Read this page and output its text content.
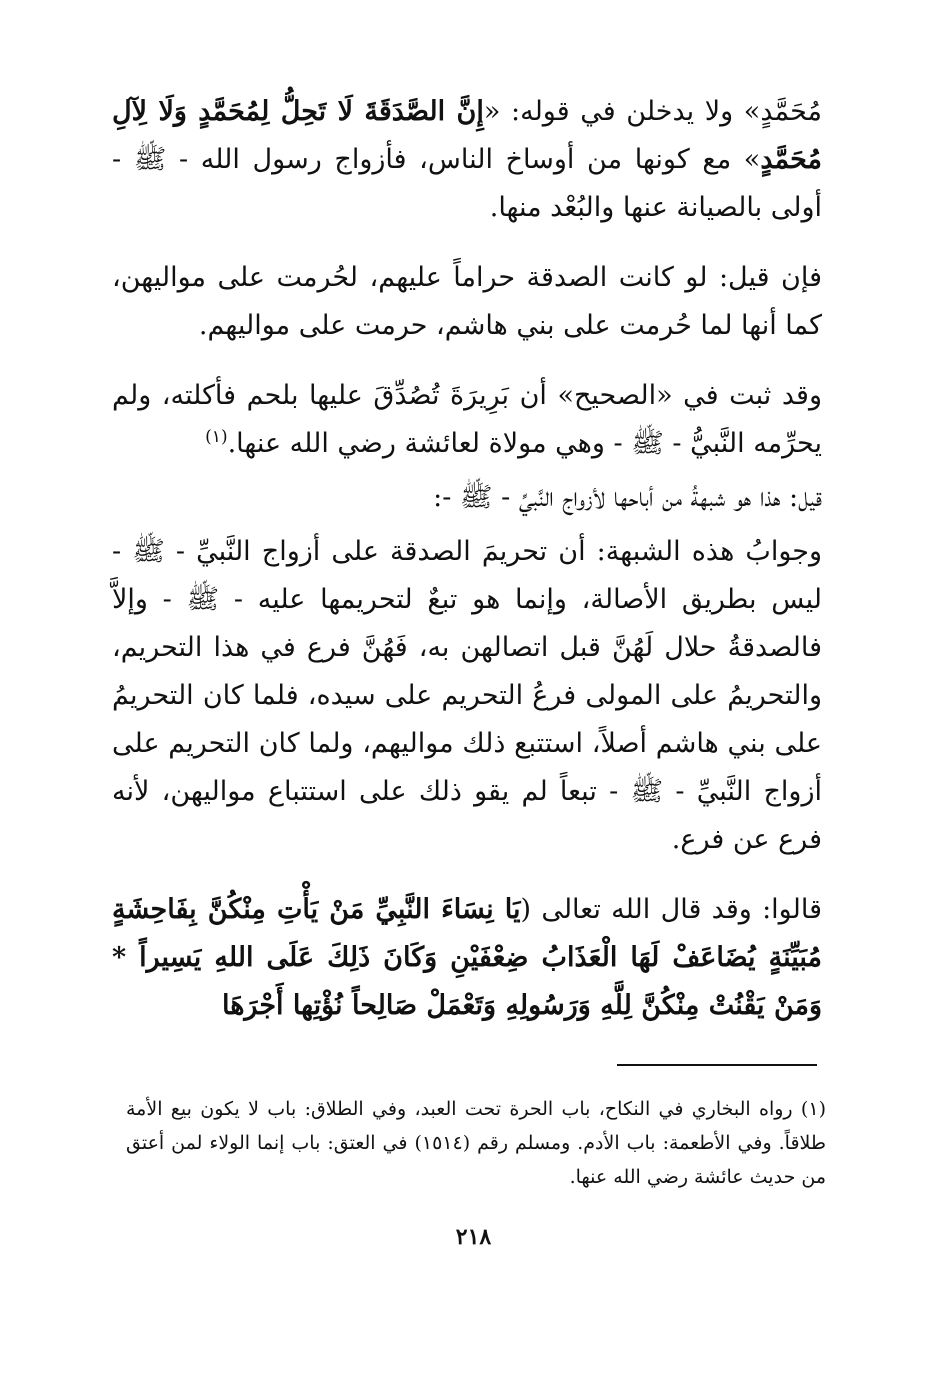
مُحَمَّدٍ» ولا يدخلن في قوله: «إِنَّ الصَّدَقَةَ لَا تَحِلُّ لِمُحَمَّدٍ وَلَا لِآلِ مُحَمَّدٍ» مع كونها من أوساخ الناس، فأزواج رسول الله - ﷺ - أولى بالصيانة عنها والبُعْد منها.

فإن قيل: لو كانت الصدقة حراماً عليهم، لحُرمت على مواليهن، كما أنها لما حُرمت على بني هاشم، حرمت على مواليهم.

وقد ثبت في «الصحيح» أن بَرِيرَةَ تُصُدِّقَ عليها بلحم فأكلته، ولم يحرِّمه النَّبيُّ - ﷺ - وهي مولاة لعائشة رضي الله عنها.$^{(١)}$

قيل: هذا هو شبهةُ من أباحها لأزواج النَّبيِّ - ﷺ -:

وجوابُ هذه الشبهة: أن تحريمَ الصدقة على أزواج النَّبيِّ - ﷺ - ليس بطريق الأصالة، وإنما هو تبعٌ لتحريمها عليه - ﷺ - وإلاَّ فالصدقةُ حلال لَهُنَّ قبل اتصالهن به، فَهُنَّ فرع في هذا التحريم، والتحريمُ على المولى فرعُ التحريم على سيده، فلما كان التحريمُ على بني هاشم أصلاً، استتبع ذلك مواليهم، ولما كان التحريم على أزواج النَّبيِّ - ﷺ - تبعاً لم يقو ذلك على استتباع مواليهن، لأنه فرع عن فرع.

قالوا: وقد قال الله تعالى (يَا نِسَاءَ النَّبِيِّ مَنْ يَأْتِ مِنْكُنَّ بِفَاحِشَةٍ مُبَيِّنَةٍ يُضَاعَفْ لَهَا الْعَذَابُ ضِعْفَيْنِ وَكَانَ ذَلِكَ عَلَى اللهِ يَسِيراً * وَمَنْ يَقْنُتْ مِنْكُنَّ لِلَّهِ وَرَسُولِهِ وَتَعْمَلْ صَالِحاً نُؤْتِها أَجْرَهَا

(١) رواه البخاري في النكاح، باب الحرة تحت العبد، وفي الطلاق: باب لا يكون بيع الأمة طلاقاً. وفي الأطعمة: باب الأدم. ومسلم رقم (١٥١٤) في العتق: باب إنما الولاء لمن أعتق من حديث عائشة رضي الله عنها.
٢١٨
